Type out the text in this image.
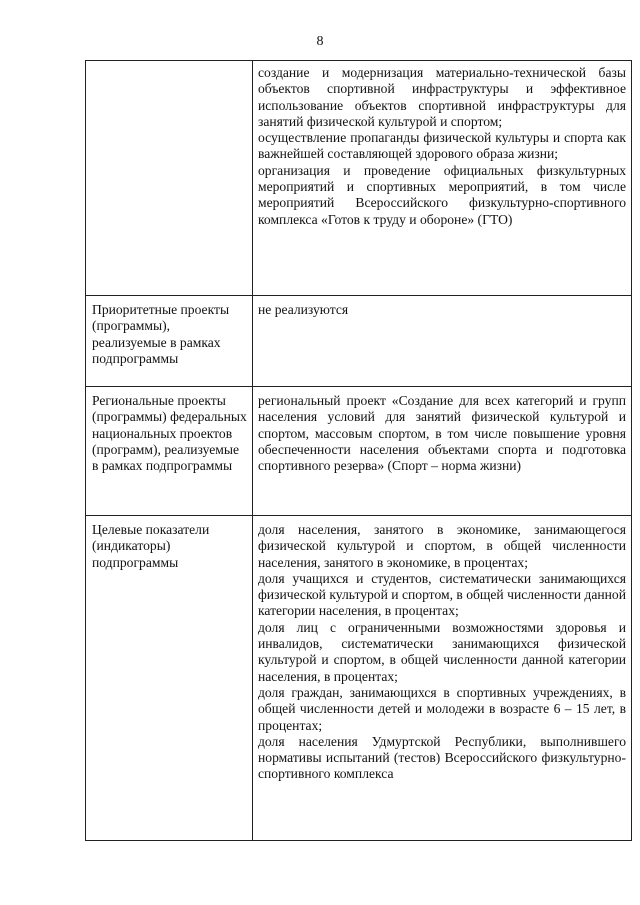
8

	создание и модернизация материально-технической базы объектов спортивной инфраструктуры и эффективное использование объектов спортивной инфраструктуры для занятий физической культурой и спортом;
осуществление пропаганды физической культуры и спорта как важнейшей составляющей здорового образа жизни;
организация и проведение официальных физкультурных мероприятий и спортивных мероприятий, в том числе мероприятий Всероссийского физкультурно-спортивного комплекса «Готов к труду и обороне» (ГТО)

Приоритетные проекты (программы), реализуемые в рамках подпрограммы	не реализуются

Региональные проекты (программы) федеральных национальных проектов (программ), реализуемые в рамках подпрограммы	региональный проект «Создание для всех категорий и групп населения условий для занятий физической культурой и спортом, массовым спортом, в том числе повышение уровня обеспеченности населения объектами спорта и подготовка спортивного резерва» (Спорт – норма жизни)

Целевые показатели (индикаторы) подпрограммы	доля населения, занятого в экономике, занимающегося физической культурой и спортом, в общей численности населения, занятого в экономике, в процентах;
доля учащихся и студентов, систематически занимающихся физической культурой и спортом, в общей численности данной категории населения, в процентах;
доля лиц с ограниченными возможностями здоровья и инвалидов, систематически занимающихся физической культурой и спортом, в общей численности данной категории населения, в процентах;
доля граждан, занимающихся в спортивных учреждениях, в общей численности детей и молодежи в возрасте 6 – 15 лет, в процентах;
доля населения Удмуртской Республики, выполнившего нормативы испытаний (тестов) Всероссийского физкультурно-спортивного комплекса
